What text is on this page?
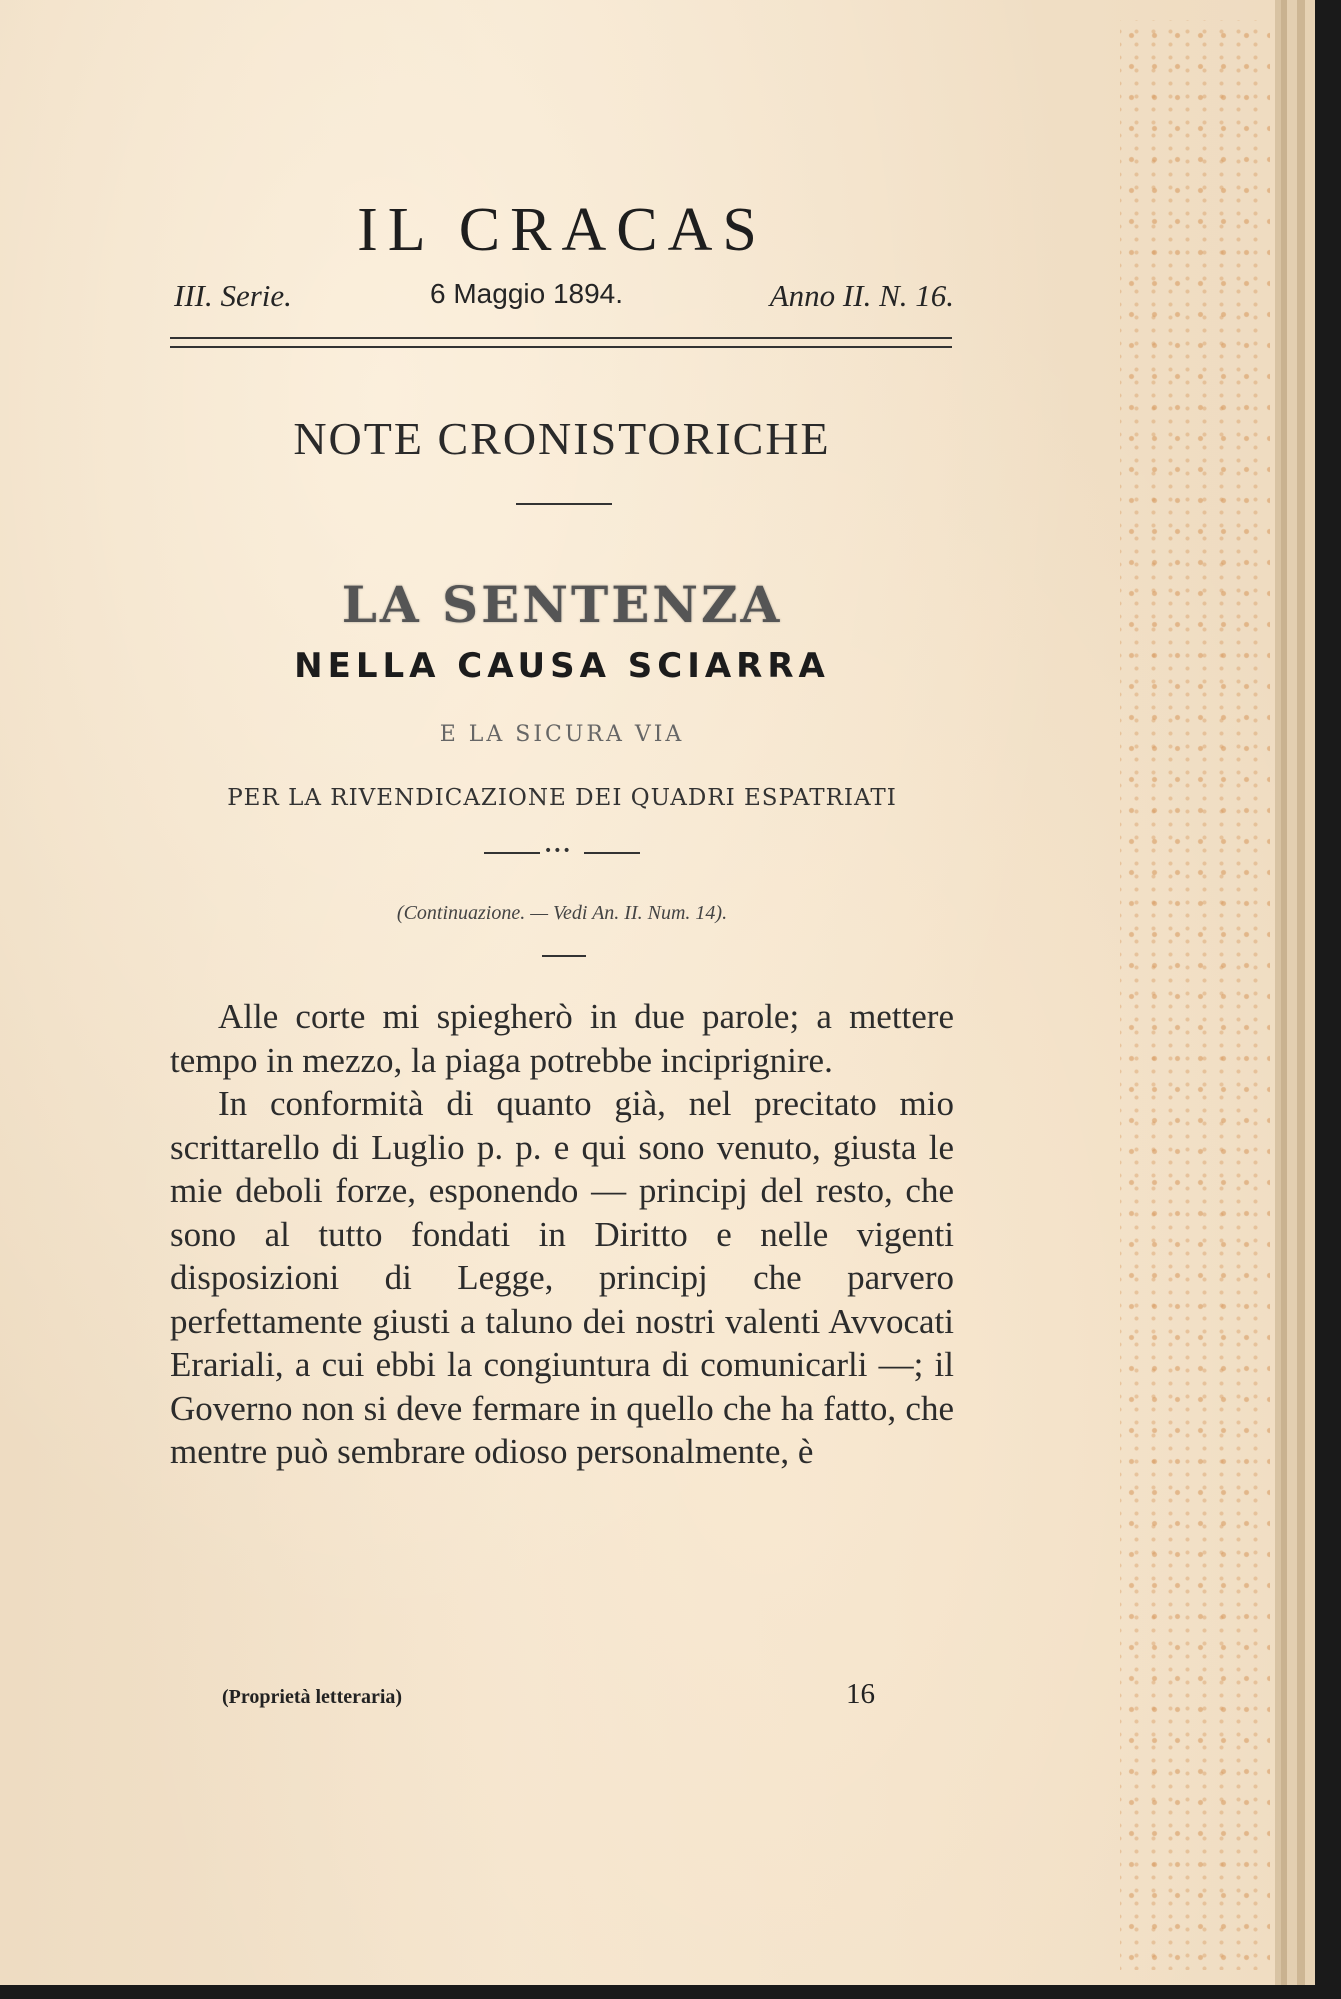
IL CRACAS
III. Serie.	6 Maggio 1894.	Anno II. N. 16.
NOTE CRONISTORICHE
LA SENTENZA
NELLA CAUSA SCIARRA
E LA SICURA VIA
PER LA RIVENDICAZIONE DEI QUADRI ESPATRIATI
•••
(Continuazione. — Vedi An. II. Num. 14).

Alle corte mi spiegherò in due parole; a mettere tempo in mezzo, la piaga potrebbe inciprignire.

In conformità di quanto già, nel precitato mio scrittarello di Luglio p. p. e qui sono venuto, giusta le mie deboli forze, esponendo — principj del resto, che sono al tutto fondati in Diritto e nelle vigenti disposizioni di Legge, principj che parvero perfettamente giusti a taluno dei nostri valenti Avvocati Erariali, a cui ebbi la congiuntura di comunicarli —; il Governo non si deve fermare in quello che ha fatto, che mentre può sembrare odioso personalmente, è

(Proprietà letteraria)	16
